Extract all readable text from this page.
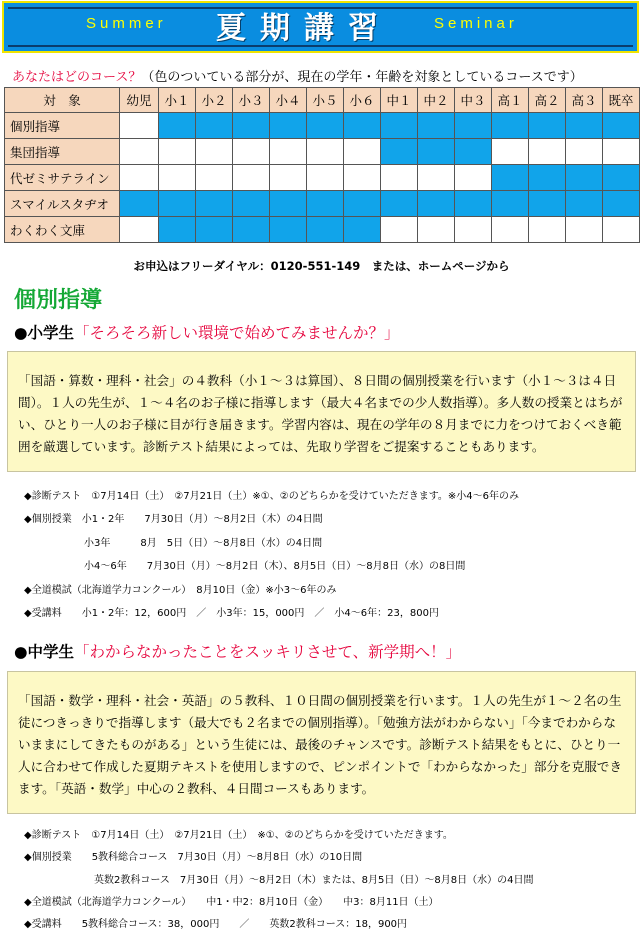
Summer 夏期講習	Seminar
あなたはどのコース？（色のついている部分が、現在の学年・年齢を対象としているコースです）
対　象	幼児	小１	小２	小３	小４	小５	小６	中１	中２	中３	高１	高２	高３	既卒
個別指導														
集団指導														
代ゼミサテライン														
スマイルスタヂオ														
わくわく文庫														
お申込はフリーダイヤル：0120-551-149　または、ホームページから
個別指導
●小学生「そろそろ新しい環境で始めてみませんか？」
「国語・算数・理科・社会」の４教科（小１～３は算国）、８日間の個別授業を行います（小１～３は４日間）。１人の先生が、１～４名のお子様に指導します（最大４名までの少人数指導）。多人数の授業とはちがい、ひとり一人のお子様に目が行き届きます。学習内容は、現在の学年の８月までに力をつけておくべき範囲を厳選しています。診断テスト結果によっては、先取り学習をご提案することもあります。
◆診断テスト　①7月14日（土）　②7月21日（土）※①、②のどちらかを受けていただきます。※小4～6年のみ
◆個別授業　小1・2年　　7月30日（月）～8月2日（木）の4日間
　　　　　　小3年　　　8月　5日（日）～8月8日（水）の4日間
　　　　　　小4～6年　　7月30日（月）～8月2日（木）、8月5日（日）～8月8日（水）の8日間
◆全道模試（北海道学力コンクール）　8月10日（金）※小3～6年のみ
◆受講料　　小1・2年：12，600円　／　小3年：15，000円　／　小4～6年：23，800円
●中学生「わからなかったことをスッキリさせて、新学期へ！」
「国語・数学・理科・社会・英語」の５教科、１０日間の個別授業を行います。１人の先生が１～２名の生徒につきっきりで指導します（最大でも２名までの個別指導）。「勉強方法がわからない」「今までわからないままにしてきたものがある」という生徒には、最後のチャンスです。診断テスト結果をもとに、ひとり一人に合わせて作成した夏期テキストを使用しますので、ピンポイントで「わからなかった」部分を克服できます。「英語・数学」中心の２教科、４日間コースもあります。
◆診断テスト　①7月14日（土）　②7月21日（土）　※①、②のどちらかを受けていただきます。
◆個別授業　　5教科総合コース　7月30日（月）～8月8日（水）の10日間
　　　　　　　英数2教科コース　7月30日（月）～8月2日（木）または、8月5日（日）～8月8日（水）の4日間
◆全道模試（北海道学力コンクール）　　中1・中2：8月10日（金）　　中3：8月11日（土）
◆受講料　　5教科総合コース：38，000円　　／　　英数2教科コース：18，900円
